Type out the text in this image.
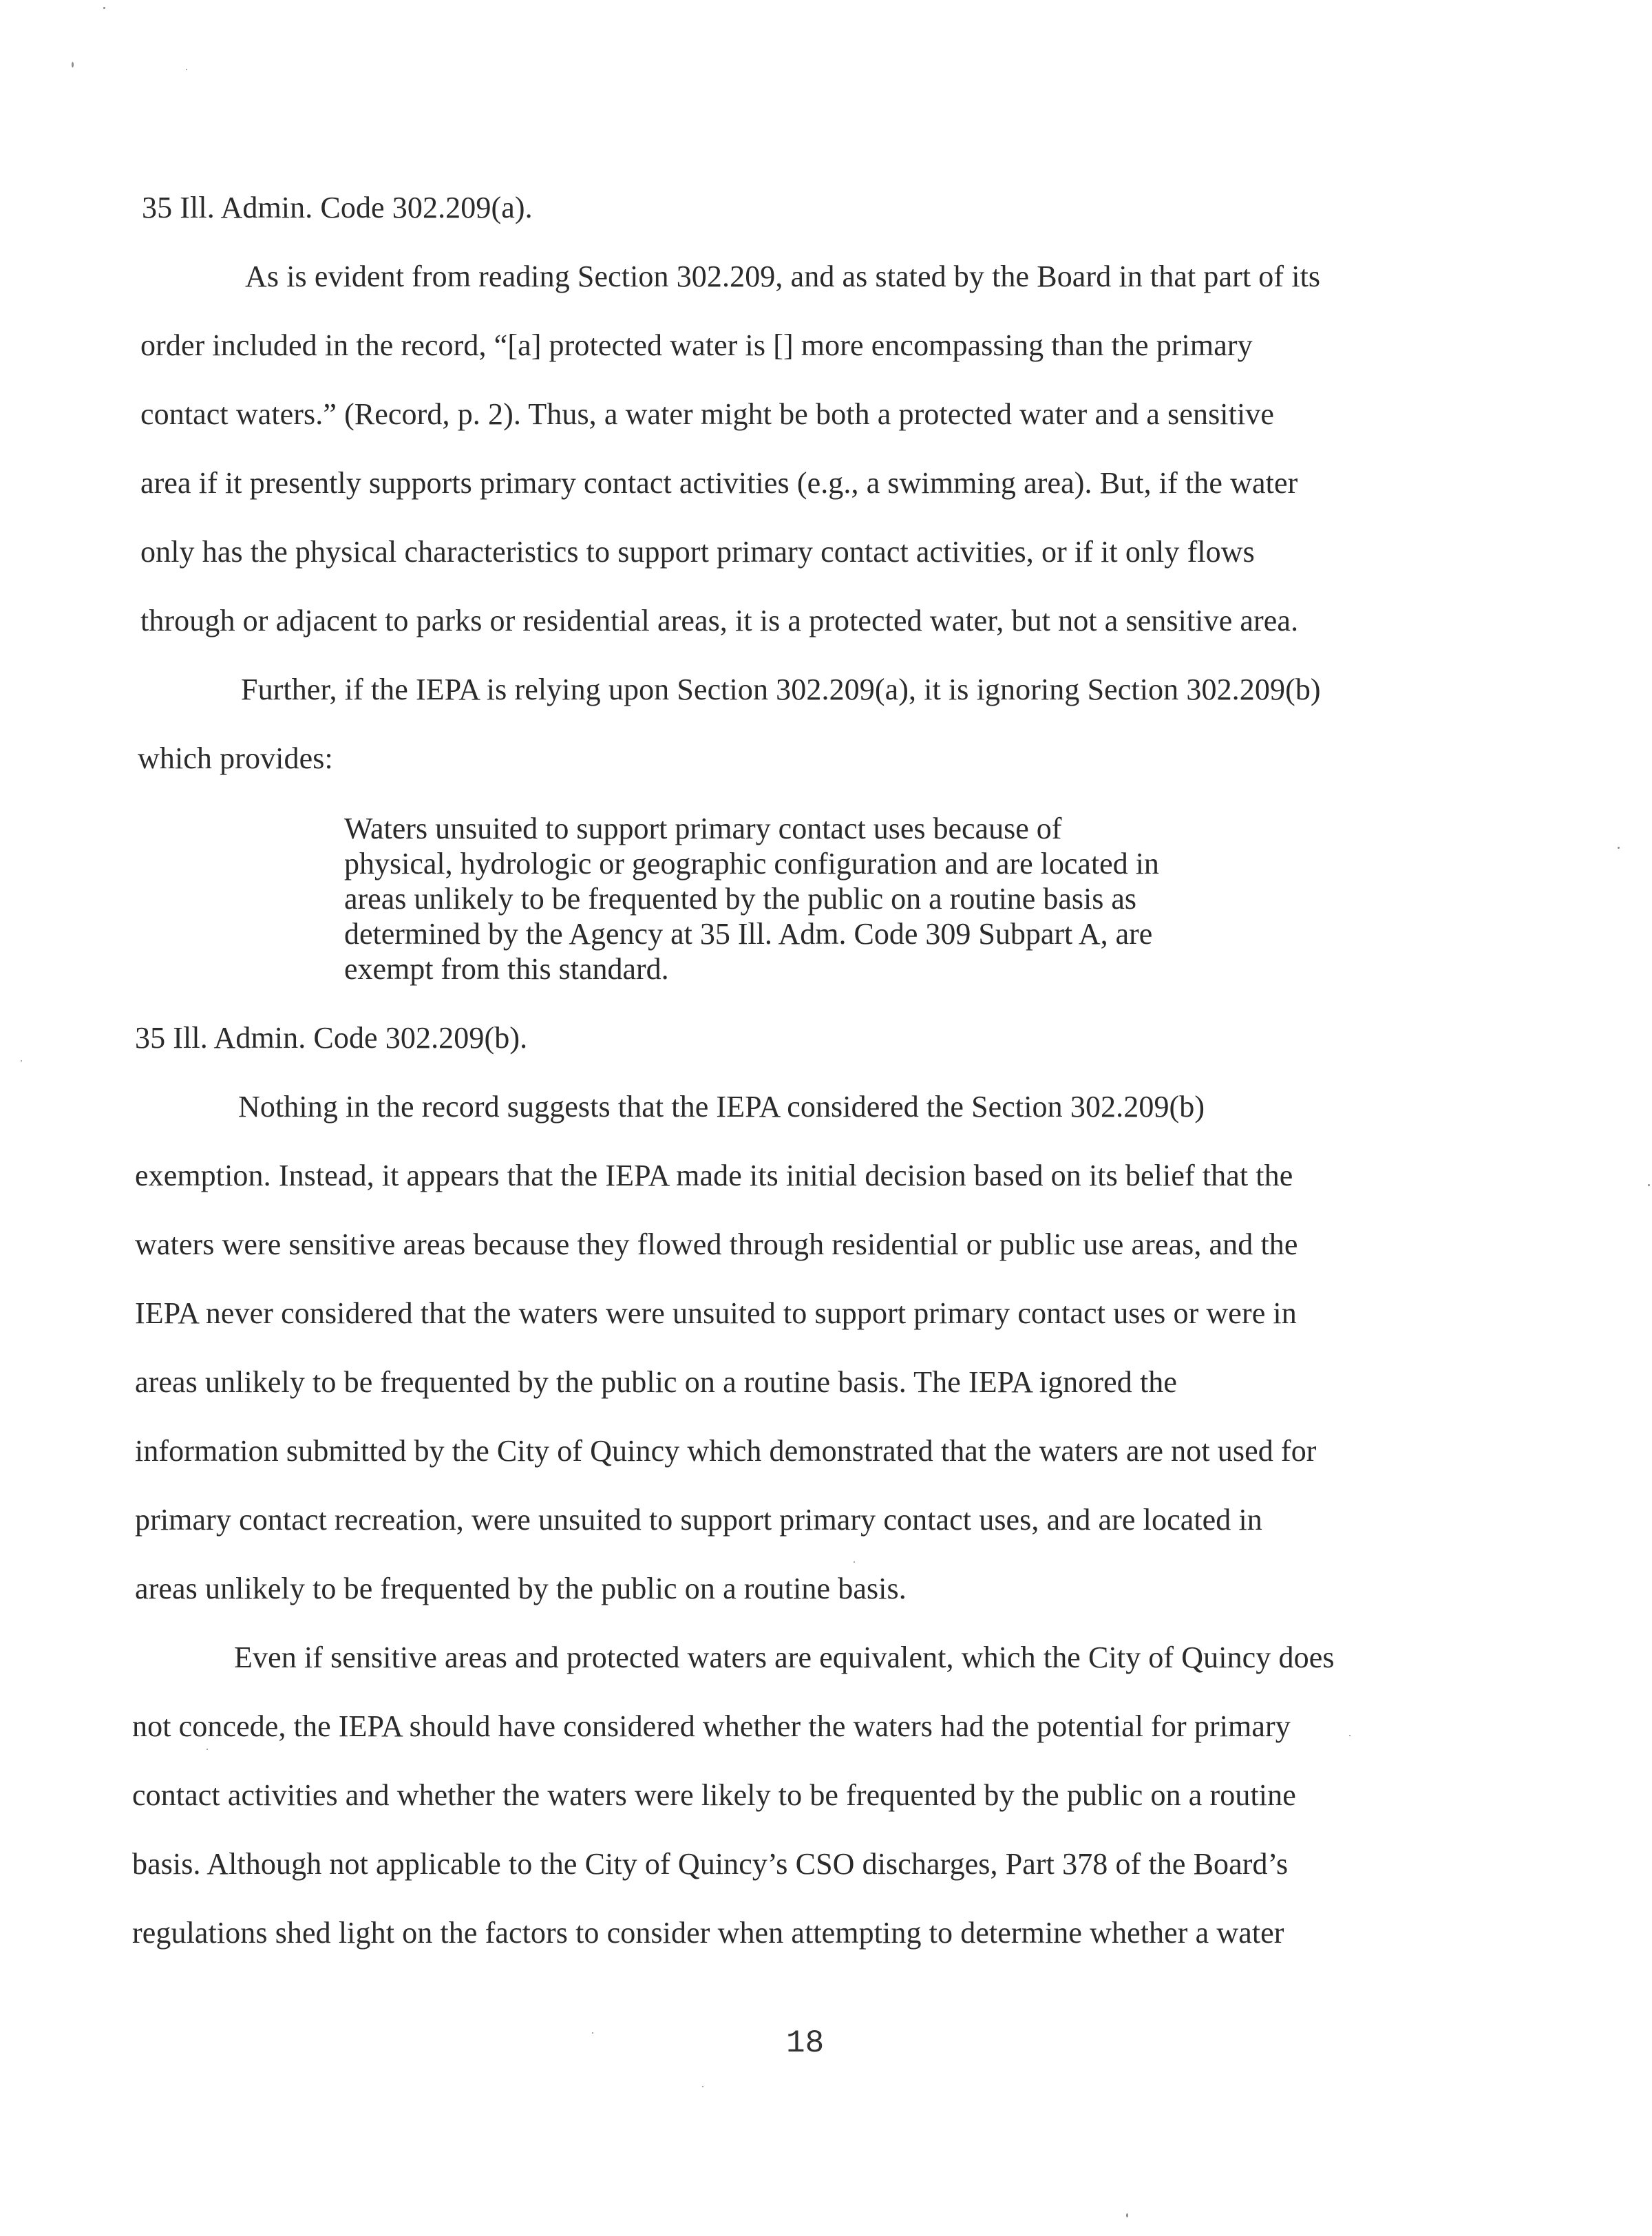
35 Ill. Admin. Code 302.209(a).
As is evident from reading Section 302.209, and as stated by the Board in that part of its
order included in the record, “[a] protected water is [] more encompassing than the primary
contact waters.” (Record, p. 2). Thus, a water might be both a protected water and a sensitive
area if it presently supports primary contact activities (e.g., a swimming area). But, if the water
only has the physical characteristics to support primary contact activities, or if it only flows
through or adjacent to parks or residential areas, it is a protected water, but not a sensitive area.
Further, if the IEPA is relying upon Section 302.209(a), it is ignoring Section 302.209(b)
which provides:
Waters unsuited to support primary contact uses because of
physical, hydrologic or geographic configuration and are located in
areas unlikely to be frequented by the public on a routine basis as
determined by the Agency at 35 Ill. Adm. Code 309 Subpart A, are
exempt from this standard.
35 Ill. Admin. Code 302.209(b).
Nothing in the record suggests that the IEPA considered the Section 302.209(b)
exemption. Instead, it appears that the IEPA made its initial decision based on its belief that the
waters were sensitive areas because they flowed through residential or public use areas, and the
IEPA never considered that the waters were unsuited to support primary contact uses or were in
areas unlikely to be frequented by the public on a routine basis. The IEPA ignored the
information submitted by the City of Quincy which demonstrated that the waters are not used for
primary contact recreation, were unsuited to support primary contact uses, and are located in
areas unlikely to be frequented by the public on a routine basis.
Even if sensitive areas and protected waters are equivalent, which the City of Quincy does
not concede, the IEPA should have considered whether the waters had the potential for primary
contact activities and whether the waters were likely to be frequented by the public on a routine
basis. Although not applicable to the City of Quincy’s CSO discharges, Part 378 of the Board’s
regulations shed light on the factors to consider when attempting to determine whether a water
18
